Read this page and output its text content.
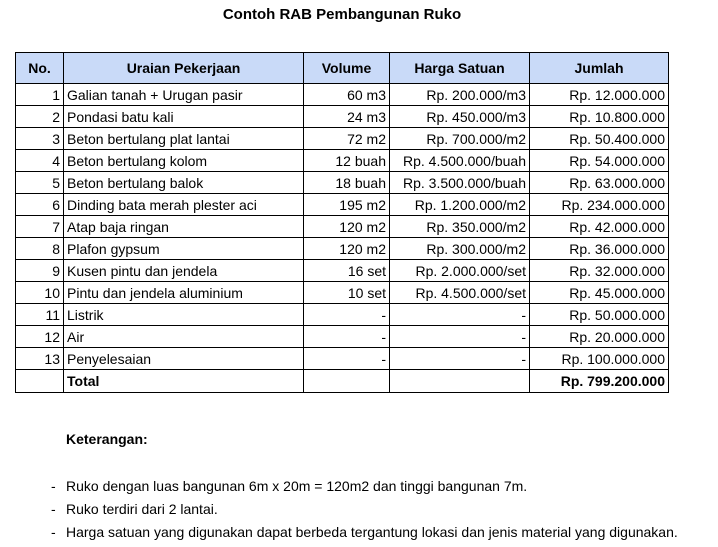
Contoh RAB Pembangunan Ruko
No.	Uraian Pekerjaan	Volume	Harga Satuan	Jumlah
1	Galian tanah + Urugan pasir	60 m3	Rp. 200.000/m3	Rp. 12.000.000
2	Pondasi batu kali	24 m3	Rp. 450.000/m3	Rp. 10.800.000
3	Beton bertulang plat lantai	72 m2	Rp. 700.000/m2	Rp. 50.400.000
4	Beton bertulang kolom	12 buah	Rp. 4.500.000/buah	Rp. 54.000.000
5	Beton bertulang balok	18 buah	Rp. 3.500.000/buah	Rp. 63.000.000
6	Dinding bata merah plester aci	195 m2	Rp. 1.200.000/m2	Rp. 234.000.000
7	Atap baja ringan	120 m2	Rp. 350.000/m2	Rp. 42.000.000
8	Plafon gypsum	120 m2	Rp. 300.000/m2	Rp. 36.000.000
9	Kusen pintu dan jendela	16 set	Rp. 2.000.000/set	Rp. 32.000.000
10	Pintu dan jendela aluminium	10 set	Rp. 4.500.000/set	Rp. 45.000.000
11	Listrik	-	-	Rp. 50.000.000
12	Air	-	-	Rp. 20.000.000
13	Penyelesaian	-	-	Rp. 100.000.000
	Total			Rp. 799.200.000
Keterangan:
- Ruko dengan luas bangunan 6m x 20m = 120m2 dan tinggi bangunan 7m.
- Ruko terdiri dari 2 lantai.
- Harga satuan yang digunakan dapat berbeda tergantung lokasi dan jenis material yang digunakan.
